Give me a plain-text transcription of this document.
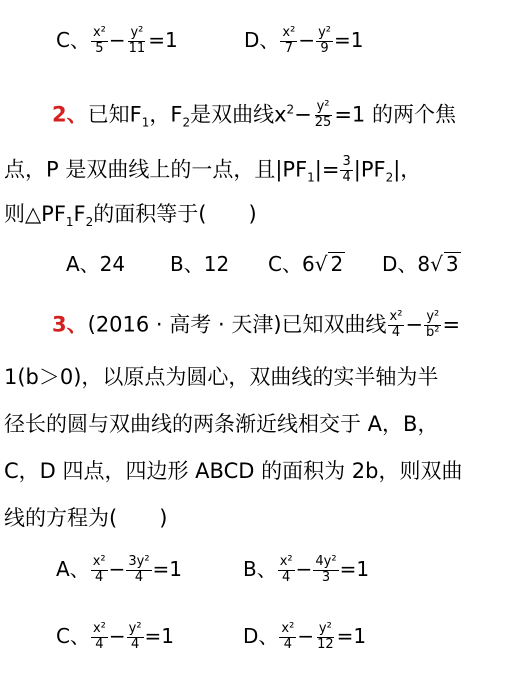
C、 $\frac{\text{x²}}{5} - \frac{\text{y²}}{11} =1$	D、 $\frac{\text{x²}}{7} - \frac{\text{y²}}{9} =1$
2、已知$F_1$，$F_2$是双曲线$x^2- \frac{\text{y²}}{25} =1$ 的两个焦
点，P 是双曲线上的一点，且$|PF_1|= \frac{3}{4} |PF_2|$，
则$\triangle PF_1F_2$的面积等于(　　)
A、24 B、12 C、6√ 2 D、8√ 3
3、(2016 · 高考 · 天津)已知双曲线 $\frac{\text{x²}}{4} - \frac{\text{y²}}{\text{b²}}$ =
1(b＞0)，以原点为圆心，双曲线的实半轴为半
径长的圆与双曲线的两条渐近线相交于 A，B，
C，D 四点，四边形 ABCD 的面积为 2b，则双曲
线的方程为(　　)
A、 $\frac{\text{x²}}{4} - \frac{\text{3y²}}{4} =1$	B、 $\frac{\text{x²}}{4} - \frac{\text{4y²}}{3} =1$
C、 $\frac{\text{x²}}{4} - \frac{\text{y²}}{4} =1$	D、 $\frac{\text{x²}}{4} - \frac{\text{y²}}{12} =1$
